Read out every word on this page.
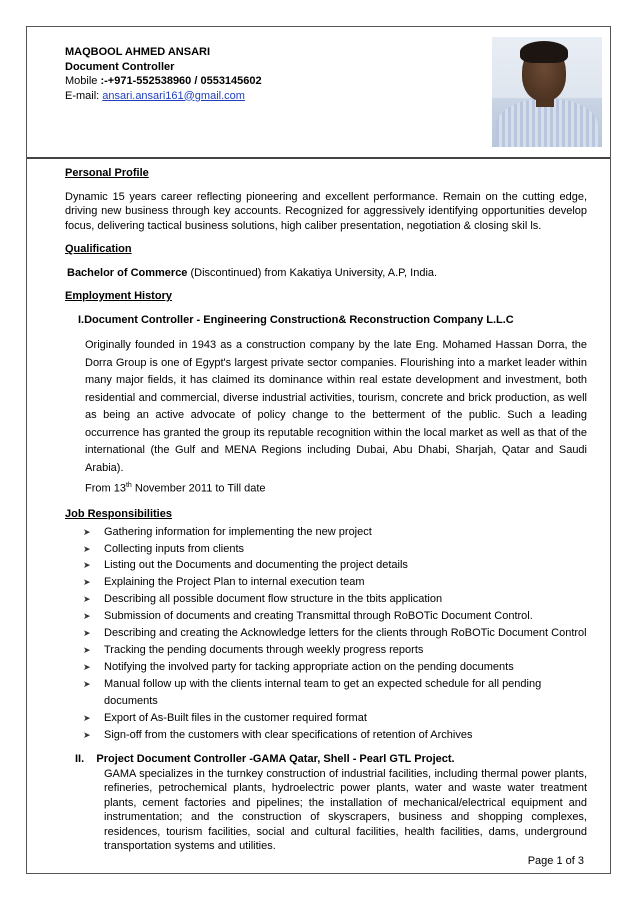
MAQBOOL AHMED ANSARI
Document Controller
Mobile :-+971-552538960 / 0553145602
E-mail: ansari.ansari161@gmail.com

Personal Profile

Dynamic 15 years career reflecting pioneering and excellent performance. Remain on the cutting edge, driving new business through key accounts. Recognized for aggressively identifying opportunities develop focus, delivering tactical business solutions, high caliber presentation, negotiation & closing skil ls.

Qualification

Bachelor of Commerce (Discontinued) from Kakatiya University, A.P, India.

Employment History

I.Document Controller - Engineering Construction& Reconstruction Company L.L.C

Originally founded in 1943 as a construction company by the late Eng. Mohamed Hassan Dorra, the Dorra Group is one of Egypt's largest private sector companies. Flourishing into a market leader within many major fields, it has claimed its dominance within real estate development and investment, both residential and commercial, diverse industrial activities, tourism, concrete and brick production, as well as being an active advocate of policy change to the betterment of the public. Such a leading occurrence has granted the group its reputable recognition within the local market as well as that of the international (the Gulf and MENA Regions including Dubai, Abu Dhabi, Sharjah, Qatar and Saudi Arabia).

From 13th November 2011 to Till date

Job Responsibilities

➤ Gathering information for implementing the new project
➤ Collecting inputs from clients
➤ Listing out the Documents and documenting the project details
➤ Explaining the Project Plan to internal execution team
➤ Describing all possible document flow structure in the tbits application
➤ Submission of documents and creating Transmittal through RoBOTic Document Control.
➤ Describing and creating the Acknowledge letters for the clients through RoBOTic Document Control
➤ Tracking the pending documents through weekly progress reports
➤ Notifying the involved party for tacking appropriate action on the pending documents
➤ Manual follow up with the clients internal team to get an expected schedule for all pending documents
➤ Export of As-Built files in the customer required format
➤ Sign-off from the customers with clear specifications of retention of Archives

II. Project Document Controller -GAMA Qatar, Shell - Pearl GTL Project.

GAMA specializes in the turnkey construction of industrial facilities, including thermal power plants, refineries, petrochemical plants, hydroelectric power plants, water and waste water treatment plants, cement factories and pipelines; the installation of mechanical/electrical equipment and instrumentation; and the construction of skyscrapers, business and shopping complexes, residences, tourism facilities, social and cultural facilities, health facilities, dams, underground transportation systems and utilities.

Page 1 of 3
